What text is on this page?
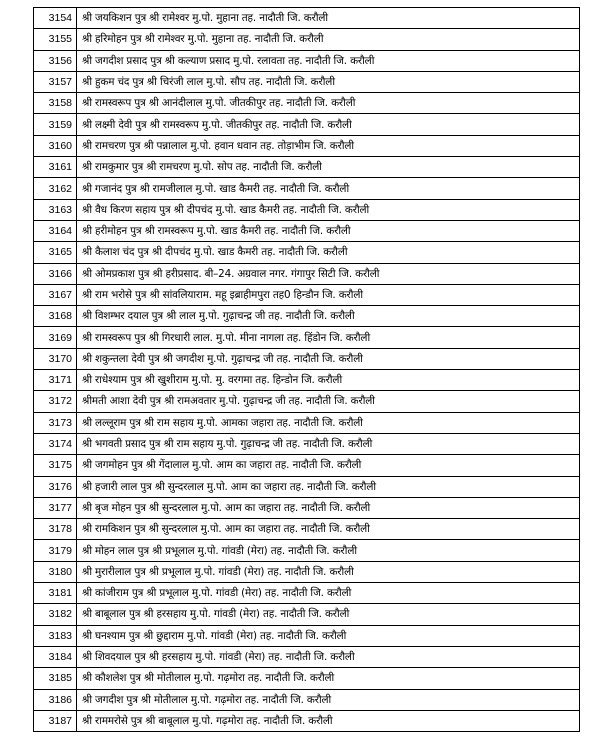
3154	श्री जयकिशन पुत्र श्री रामेश्वर मु.पो. मुहाना तह. नादौती जि. करौली
3155	श्री हरिमोहन पुत्र श्री रामेश्वर मु.पो. मुहाना तह. नादौती जि. करौली
3156	श्री जगदीश प्रसाद पुत्र श्री कल्याण प्रसाद मु.पो. रलावता तह. नादौती जि. करौली
3157	श्री हुकम चंद पुत्र श्री चिरंजी लाल मु.पो. सौप तह. नादौती जि. करौली
3158	श्री रामस्वरूप पुत्र श्री आनंदीलाल मु.पो. जीतकीपुर तह. नादौती जि. करौली
3159	श्री लक्ष्मी देवी पुत्र श्री रामस्वरूप मु.पो. जीतकीपुर तह. नादौती जि. करौली
3160	श्री रामचरण पुत्र श्री पन्नालाल मु.पो. हवान धवान तह. तोड़ाभीम जि. करौली
3161	श्री रामकुमार पुत्र श्री रामचरण मु.पो. सोप तह. नादौती जि. करौली
3162	श्री गजानंद पुत्र श्री रामजीलाल मु.पो. खाड कैमरी तह. नादौती जि. करौली
3163	श्री वैध किरण सहाय पुत्र श्री दीपचंद मु.पो. खाड कैमरी तह. नादौती जि. करौली
3164	श्री हरीमोहन पुत्र श्री रामस्वरूप मु.पो. खाड कैमरी तह. नादौती जि. करौली
3165	श्री कैलाश चंद पुत्र श्री दीपचंद मु.पो. खाड कैमरी तह. नादौती जि. करौली
3166	श्री ओमप्रकाश पुत्र श्री हरीप्रसाद. बी–24. अग्रवाल नगर. गंगापुर सिटी जि. करौली
3167	श्री राम भरोसे पुत्र श्री सांवलियाराम. महू इब्राहीमपुरा तह0 हिन्डौन जि. करौली
3168	श्री विशम्भर दयाल पुत्र श्री लाल मु.पो. गुढ़ाचन्द्र जी तह. नादौती जि. करौली
3169	श्री रामस्वरूप पुत्र श्री गिरधारी लाल. मु.पो. मीना नागला तह. हिंडोन जि. करौली
3170	श्री शकुन्तला देवी पुत्र श्री जगदीश मु.पो. गुढ़ाचन्द्र जी तह. नादौती जि. करौली
3171	श्री राधेश्याम पुत्र श्री खुशीराम मु.पो. मु. वरगमा तह. हिन्डोन जि. करौली
3172	श्रीमती आशा देवी पुत्र श्री रामअवतार मु.पो. गुढ़ाचन्द्र जी तह. नादौती जि. करौली
3173	श्री लल्लूराम पुत्र श्री राम सहाय मु.पो. आमका जहारा तह. नादौती जि. करौली
3174	श्री भगवती प्रसाद पुत्र श्री राम सहाय मु.पो. गुढ़ाचन्द्र जी तह. नादौती जि. करौली
3175	श्री जगमोहन पुत्र श्री गेंदालाल मु.पो. आम का जहारा तह. नादौती जि. करौली
3176	श्री हजारी लाल पुत्र श्री सुन्दरलाल मु.पो. आम का जहारा तह. नादौती जि. करौली
3177	श्री बृज मोहन पुत्र श्री सुन्दरलाल मु.पो. आम का जहारा तह. नादौती जि. करौली
3178	श्री रामकिशन पुत्र श्री सुन्दरलाल मु.पो. आम का जहारा तह. नादौती जि. करौली
3179	श्री मोहन लाल पुत्र श्री प्रभूलाल मु.पो. गांवडी (मेरा) तह. नादौती जि. करौली
3180	श्री मुरारीलाल पुत्र श्री प्रभूलाल मु.पो. गांवडी (मेरा) तह. नादौती जि. करौली
3181	श्री कांजीराम पुत्र श्री प्रभूलाल मु.पो. गांवडी (मेरा) तह. नादौती जि. करौली
3182	श्री बाबूलाल पुत्र श्री हरसहाय मु.पो. गांवडी (मेरा) तह. नादौती जि. करौली
3183	श्री घनश्याम पुत्र श्री छुद्दाराम मु.पो. गांवडी (मेरा) तह. नादौती जि. करौली
3184	श्री शिवदयाल पुत्र श्री हरसहाय मु.पो. गांवडी (मेरा) तह. नादौती जि. करौली
3185	श्री कौशलेश पुत्र श्री मोतीलाल मु.पो. गढ़मोरा तह. नादौती जि. करौली
3186	श्री जगदीश पुत्र श्री मोतीलाल मु.पो. गढ़मोरा तह. नादौती जि. करौली
3187	श्री राममरोसे पुत्र श्री बाबूलाल मु.पो. गढ़मोरा तह. नादौती जि. करौली
